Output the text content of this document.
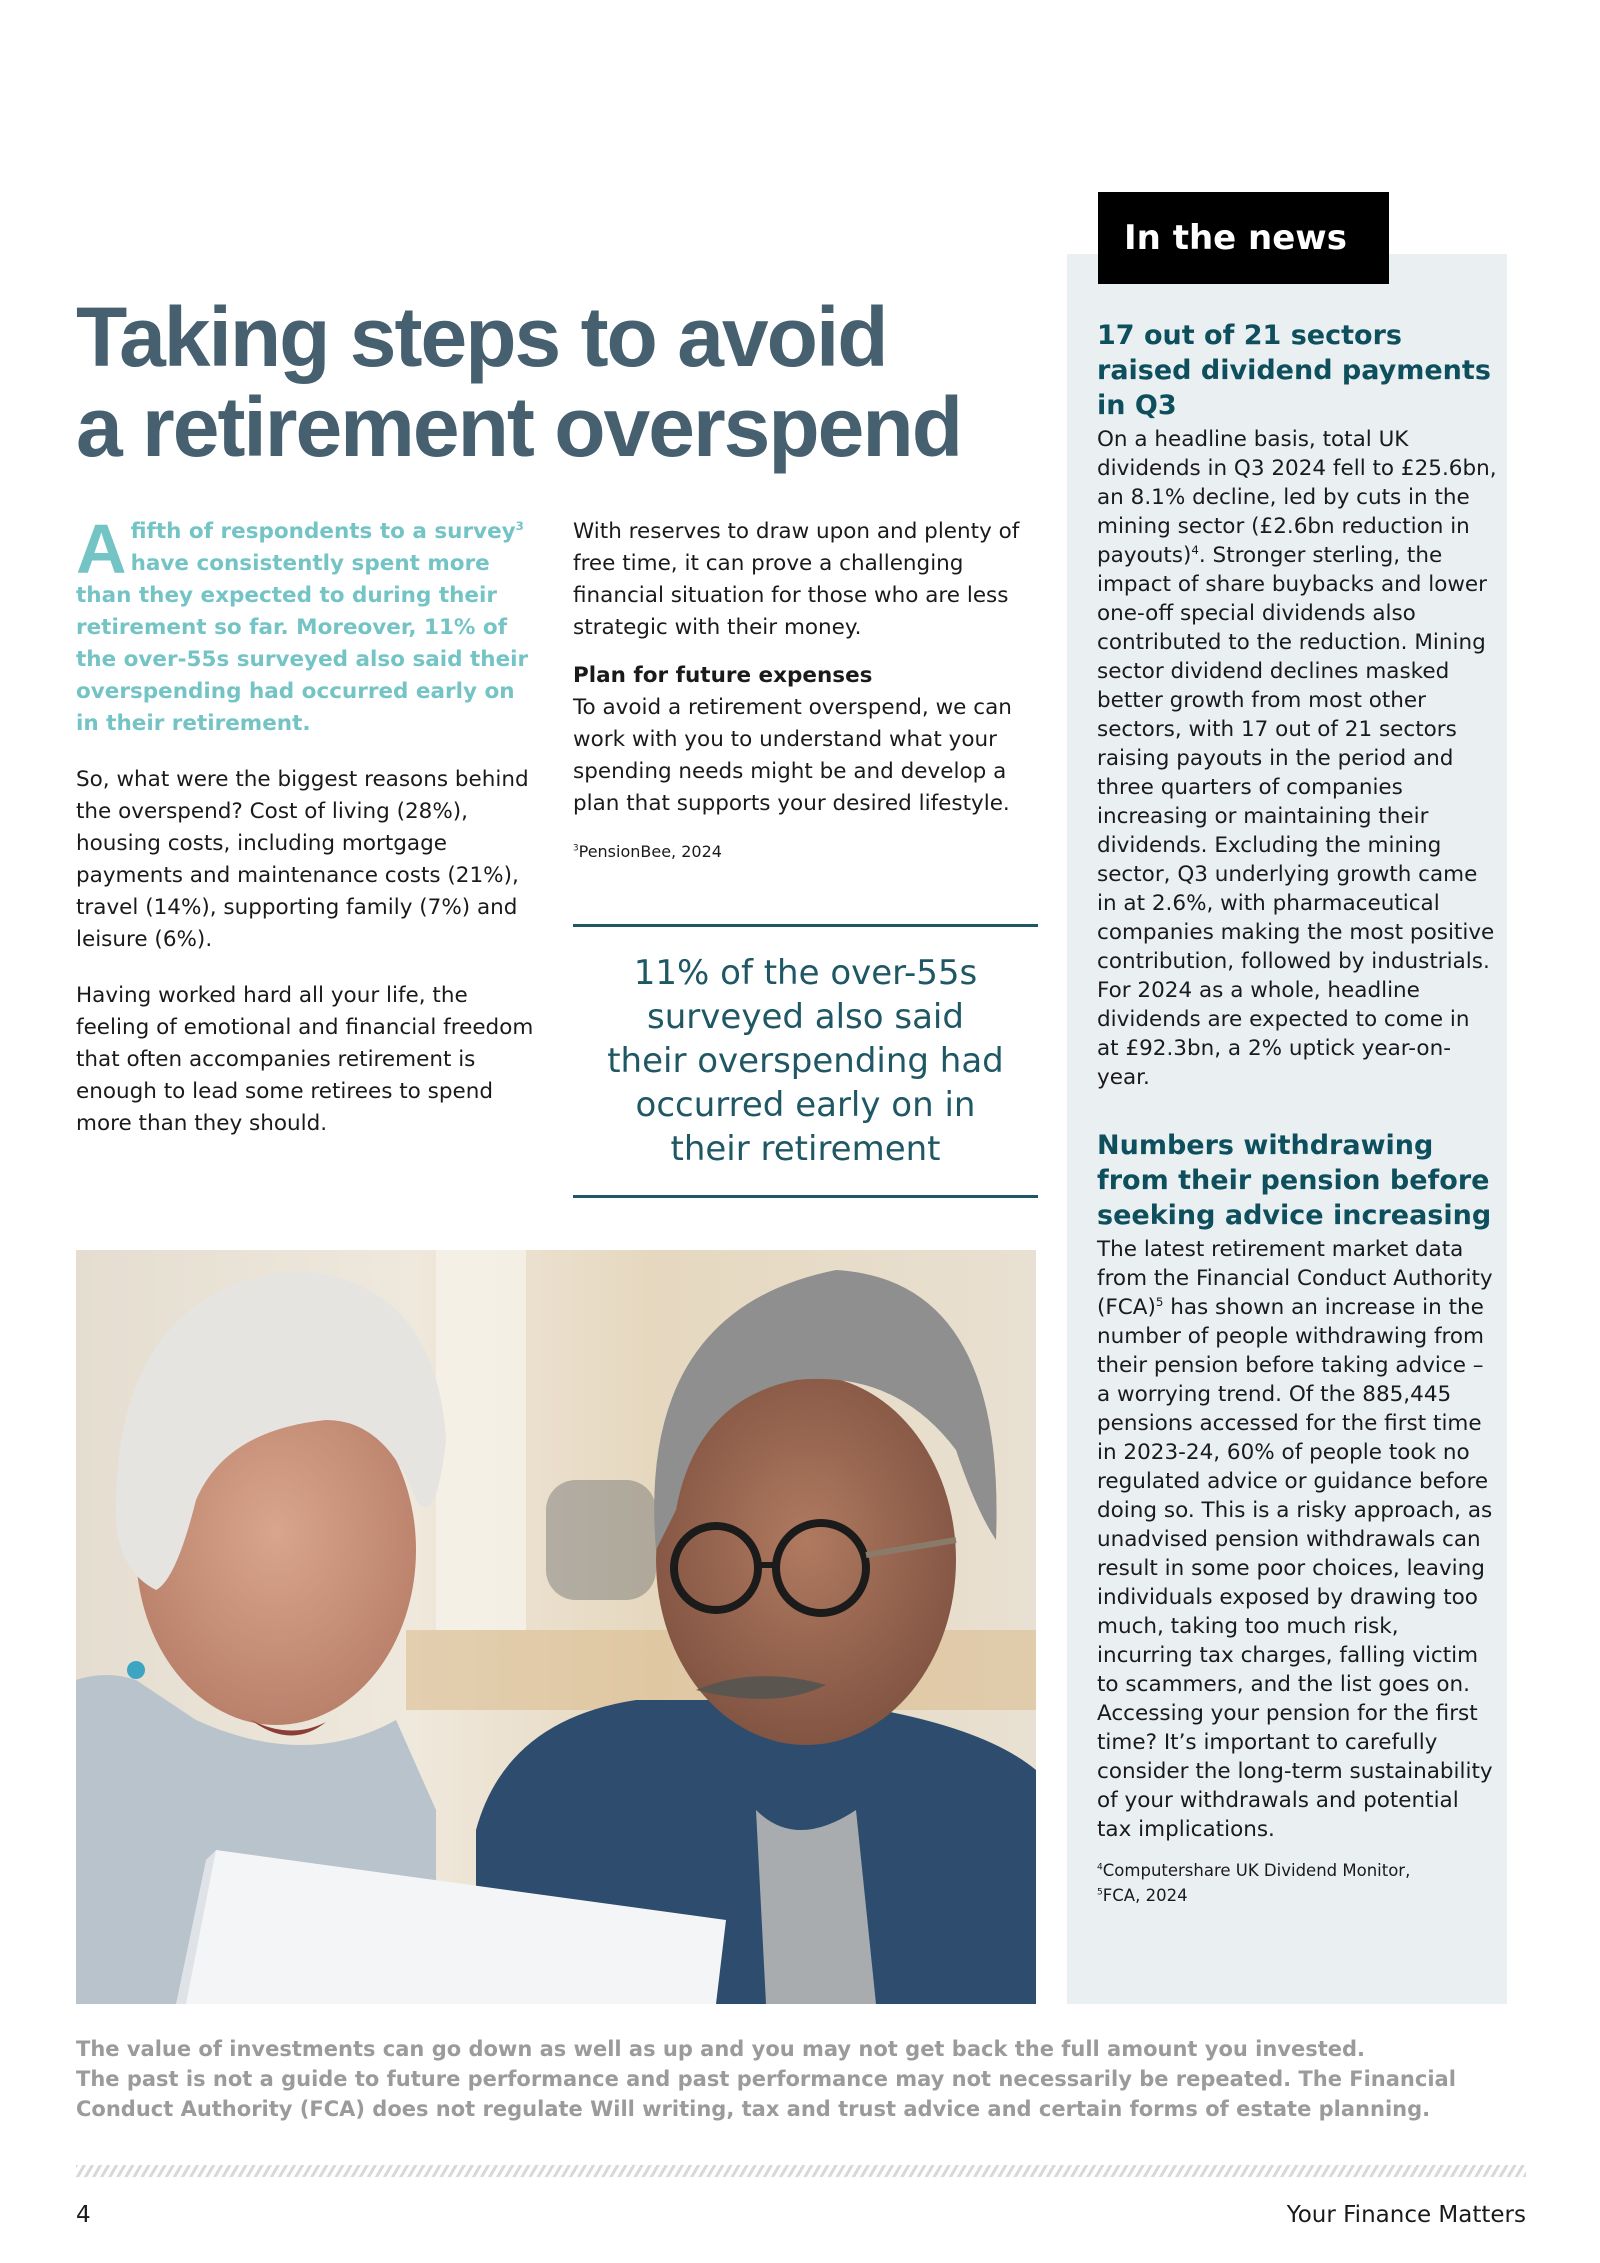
Taking steps to avoid
a retirement overspend

Afifth of respondents to a survey$^3$ have consistently spent more than they expected to during their retirement so far. Moreover, 11% of the over-55s surveyed also said their overspending had occurred early on in their retirement.

So, what were the biggest reasons behind the overspend? Cost of living (28%), housing costs, including mortgage payments and maintenance costs (21%), travel (14%), supporting family (7%) and leisure (6%).

Having worked hard all your life, the feeling of emotional and financial freedom that often accompanies retirement is enough to lead some retirees to spend more than they should.

With reserves to draw upon and plenty of free time, it can prove a challenging financial situation for those who are less strategic with their money.

Plan for future expenses

To avoid a retirement overspend, we can work with you to understand what your spending needs might be and develop a plan that supports your desired lifestyle.

$^3$PensionBee, 2024

11% of the over-55s surveyed also said their overspending had occurred early on in their retirement

In the news
17 out of 21 sectors raised dividend payments in Q3

On a headline basis, total UK dividends in Q3 2024 fell to £25.6bn, an 8.1% decline, led by cuts in the mining sector (£2.6bn reduction in payouts)$^4$. Stronger sterling, the impact of share buybacks and lower one-off special dividends also contributed to the reduction. Mining sector dividend declines masked better growth from most other sectors, with 17 out of 21 sectors raising payouts in the period and three quarters of companies increasing or maintaining their dividends. Excluding the mining sector, Q3 underlying growth came in at 2.6%, with pharmaceutical companies making the most positive contribution, followed by industrials. For 2024 as a whole, headline dividends are expected to come in at £92.3bn, a 2% uptick year-on-year.

Numbers withdrawing from their pension before seeking advice increasing

The latest retirement market data from the Financial Conduct Authority (FCA)$^5$ has shown an increase in the number of people withdrawing from their pension before taking advice – a worrying trend. Of the 885,445 pensions accessed for the first time in 2023-24, 60% of people took no regulated advice or guidance before doing so. This is a risky approach, as unadvised pension withdrawals can result in some poor choices, leaving individuals exposed by drawing too much, taking too much risk, incurring tax charges, falling victim to scammers, and the list goes on. Accessing your pension for the first time? It’s important to carefully consider the long-term sustainability of your withdrawals and potential tax implications.

$^4$Computershare UK Dividend Monitor,
$^5$FCA, 2024

The value of investments can go down as well as up and you may not get back the full amount you invested.
The past is not a guide to future performance and past performance may not necessarily be repeated. The Financial
Conduct Authority (FCA) does not regulate Will writing, tax and trust advice and certain forms of estate planning.
4	Your Finance Matters
